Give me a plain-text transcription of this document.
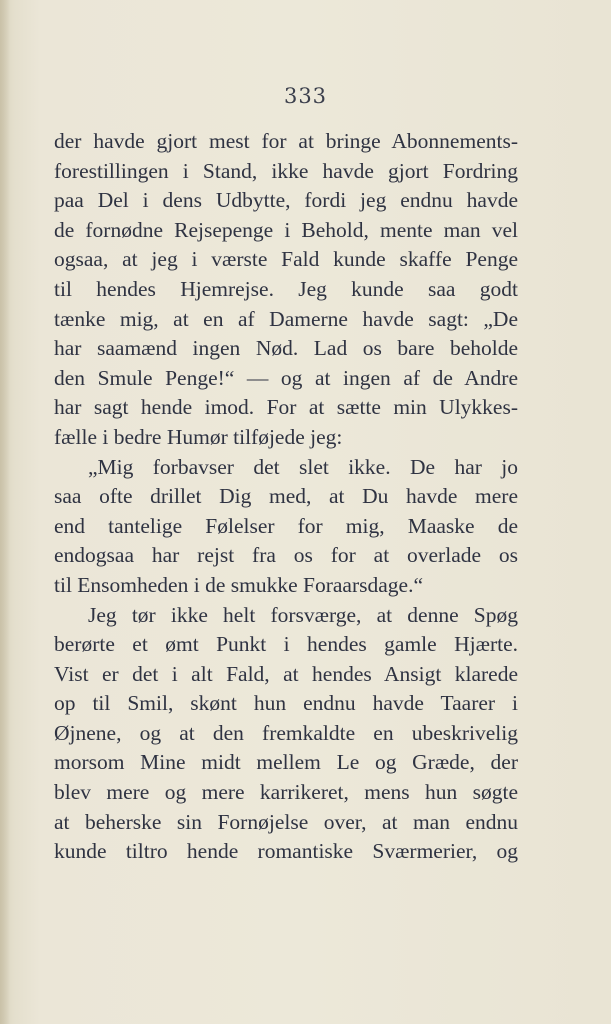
333
der havde gjort mest for at bringe Abonnements-
forestillingen i Stand, ikke havde gjort Fordring
paa Del i dens Udbytte, fordi jeg endnu havde
de fornødne Rejsepenge i Behold, mente man vel
ogsaa, at jeg i værste Fald kunde skaffe Penge
til hendes Hjemrejse. Jeg kunde saa godt
tænke mig, at en af Damerne havde sagt: „De
har saamænd ingen Nød. Lad os bare beholde
den Smule Penge!“ — og at ingen af de Andre
har sagt hende imod. For at sætte min Ulykkes-
fælle i bedre Humør tilføjede jeg:
„Mig forbavser det slet ikke. De har jo
saa ofte drillet Dig med, at Du havde mere
end tantelige Følelser for mig, Maaske de
endogsaa har rejst fra os for at overlade os
til Ensomheden i de smukke Foraarsdage.“
Jeg tør ikke helt forsværge, at denne Spøg
berørte et ømt Punkt i hendes gamle Hjærte.
Vist er det i alt Fald, at hendes Ansigt klarede
op til Smil, skønt hun endnu havde Taarer i
Øjnene, og at den fremkaldte en ubeskrivelig
morsom Mine midt mellem Le og Græde, der
blev mere og mere karrikeret, mens hun søgte
at beherske sin Fornøjelse over, at man endnu
kunde tiltro hende romantiske Sværmerier, og
